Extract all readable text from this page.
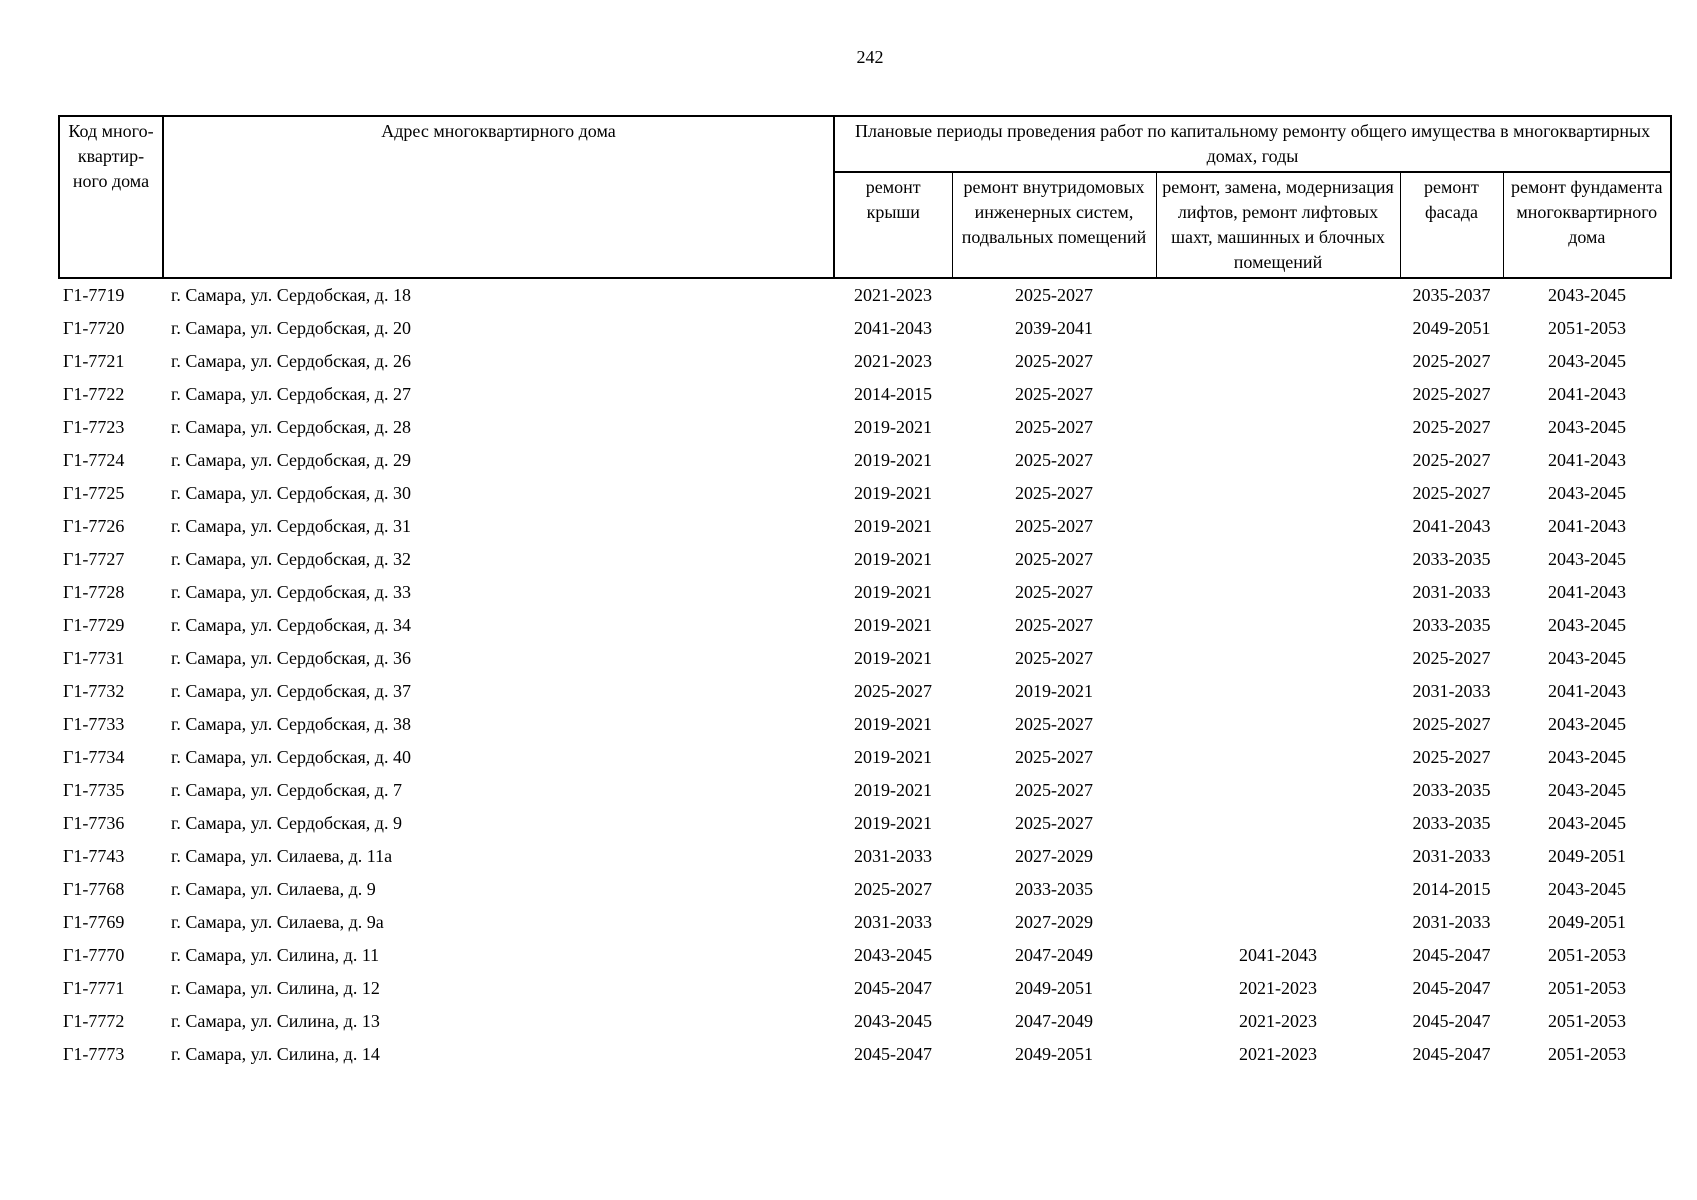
242
Код много-квартир-ного дома	Адрес многоквартирного дома	Плановые периоды проведения работ по капитальному ремонту общего имущества в многоквартирных домах, годы				
		ремонт крыши	ремонт внутридомовых инженерных систем, подвальных помещений	ремонт, замена, модернизация лифтов, ремонт лифтовых шахт, машинных и блочных помещений	ремонт фасада	ремонт фундамента многоквартирного дома
Г1-7719	г. Самара, ул. Сердобская, д. 18	2021-2023	2025-2027		2035-2037	2043-2045
Г1-7720	г. Самара, ул. Сердобская, д. 20	2041-2043	2039-2041		2049-2051	2051-2053
Г1-7721	г. Самара, ул. Сердобская, д. 26	2021-2023	2025-2027		2025-2027	2043-2045
Г1-7722	г. Самара, ул. Сердобская, д. 27	2014-2015	2025-2027		2025-2027	2041-2043
Г1-7723	г. Самара, ул. Сердобская, д. 28	2019-2021	2025-2027		2025-2027	2043-2045
Г1-7724	г. Самара, ул. Сердобская, д. 29	2019-2021	2025-2027		2025-2027	2041-2043
Г1-7725	г. Самара, ул. Сердобская, д. 30	2019-2021	2025-2027		2025-2027	2043-2045
Г1-7726	г. Самара, ул. Сердобская, д. 31	2019-2021	2025-2027		2041-2043	2041-2043
Г1-7727	г. Самара, ул. Сердобская, д. 32	2019-2021	2025-2027		2033-2035	2043-2045
Г1-7728	г. Самара, ул. Сердобская, д. 33	2019-2021	2025-2027		2031-2033	2041-2043
Г1-7729	г. Самара, ул. Сердобская, д. 34	2019-2021	2025-2027		2033-2035	2043-2045
Г1-7731	г. Самара, ул. Сердобская, д. 36	2019-2021	2025-2027		2025-2027	2043-2045
Г1-7732	г. Самара, ул. Сердобская, д. 37	2025-2027	2019-2021		2031-2033	2041-2043
Г1-7733	г. Самара, ул. Сердобская, д. 38	2019-2021	2025-2027		2025-2027	2043-2045
Г1-7734	г. Самара, ул. Сердобская, д. 40	2019-2021	2025-2027		2025-2027	2043-2045
Г1-7735	г. Самара, ул. Сердобская, д. 7	2019-2021	2025-2027		2033-2035	2043-2045
Г1-7736	г. Самара, ул. Сердобская, д. 9	2019-2021	2025-2027		2033-2035	2043-2045
Г1-7743	г. Самара, ул. Силаева, д. 11а	2031-2033	2027-2029		2031-2033	2049-2051
Г1-7768	г. Самара, ул. Силаева, д. 9	2025-2027	2033-2035		2014-2015	2043-2045
Г1-7769	г. Самара, ул. Силаева, д. 9а	2031-2033	2027-2029		2031-2033	2049-2051
Г1-7770	г. Самара, ул. Силина, д. 11	2043-2045	2047-2049	2041-2043	2045-2047	2051-2053
Г1-7771	г. Самара, ул. Силина, д. 12	2045-2047	2049-2051	2021-2023	2045-2047	2051-2053
Г1-7772	г. Самара, ул. Силина, д. 13	2043-2045	2047-2049	2021-2023	2045-2047	2051-2053
Г1-7773	г. Самара, ул. Силина, д. 14	2045-2047	2049-2051	2021-2023	2045-2047	2051-2053
